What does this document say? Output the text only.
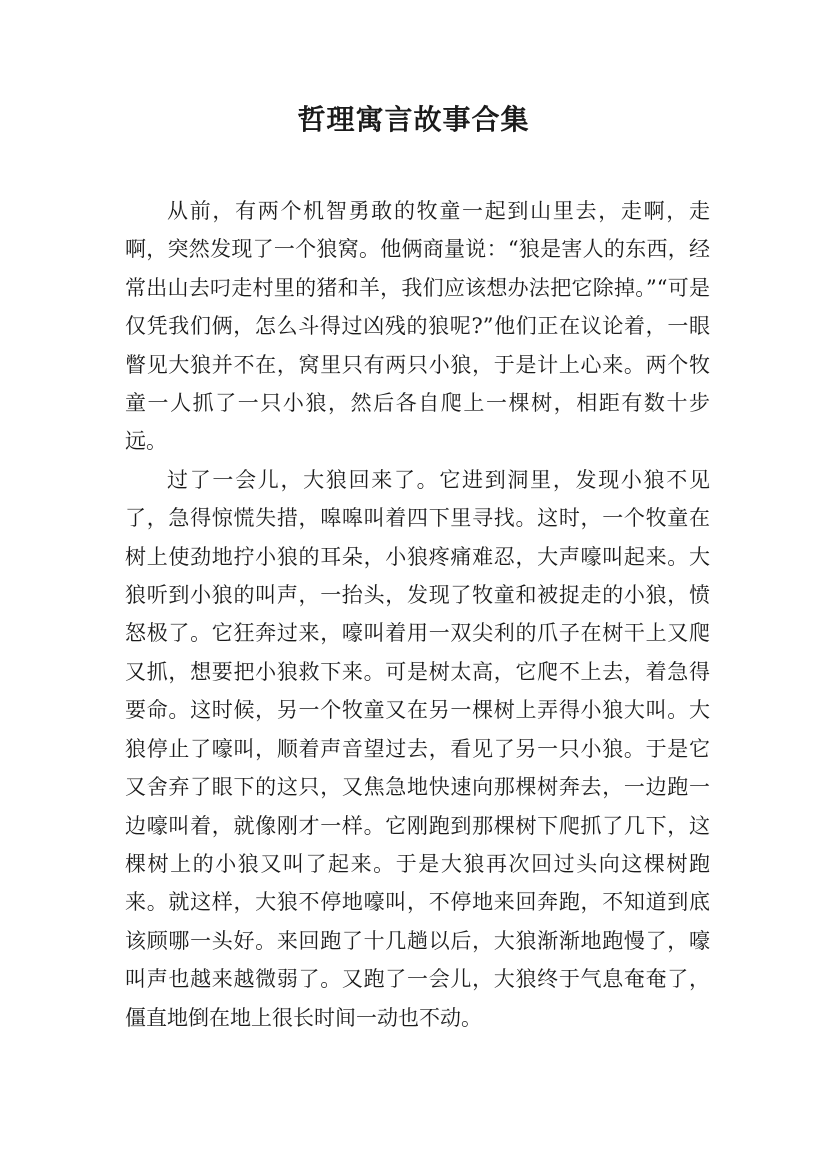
哲理寓言故事合集

从前，有两个机智勇敢的牧童一起到山里去，走啊，走啊，突然发现了一个狼窝。他俩商量说：“狼是害人的东西，经常出山去叼走村里的猪和羊，我们应该想办法把它除掉。”“可是仅凭我们俩，怎么斗得过凶残的狼呢?”他们正在议论着，一眼瞥见大狼并不在，窝里只有两只小狼，于是计上心来。两个牧童一人抓了一只小狼，然后各自爬上一棵树，相距有数十步远。

过了一会儿，大狼回来了。它进到洞里，发现小狼不见了，急得惊慌失措，嗥嗥叫着四下里寻找。这时，一个牧童在树上使劲地拧小狼的耳朵，小狼疼痛难忍，大声嚎叫起来。大狼听到小狼的叫声，一抬头，发现了牧童和被捉走的小狼，愤怒极了。它狂奔过来，嚎叫着用一双尖利的爪子在树干上又爬又抓，想要把小狼救下来。可是树太高，它爬不上去，着急得要命。这时候，另一个牧童又在另一棵树上弄得小狼大叫。大狼停止了嚎叫，顺着声音望过去，看见了另一只小狼。于是它又舍弃了眼下的这只，又焦急地快速向那棵树奔去，一边跑一边嚎叫着，就像刚才一样。它刚跑到那棵树下爬抓了几下，这棵树上的小狼又叫了起来。于是大狼再次回过头向这棵树跑来。就这样，大狼不停地嚎叫，不停地来回奔跑，不知道到底该顾哪一头好。来回跑了十几趟以后，大狼渐渐地跑慢了，嚎叫声也越来越微弱了。又跑了一会儿，大狼终于气息奄奄了，僵直地倒在地上很长时间一动也不动。
